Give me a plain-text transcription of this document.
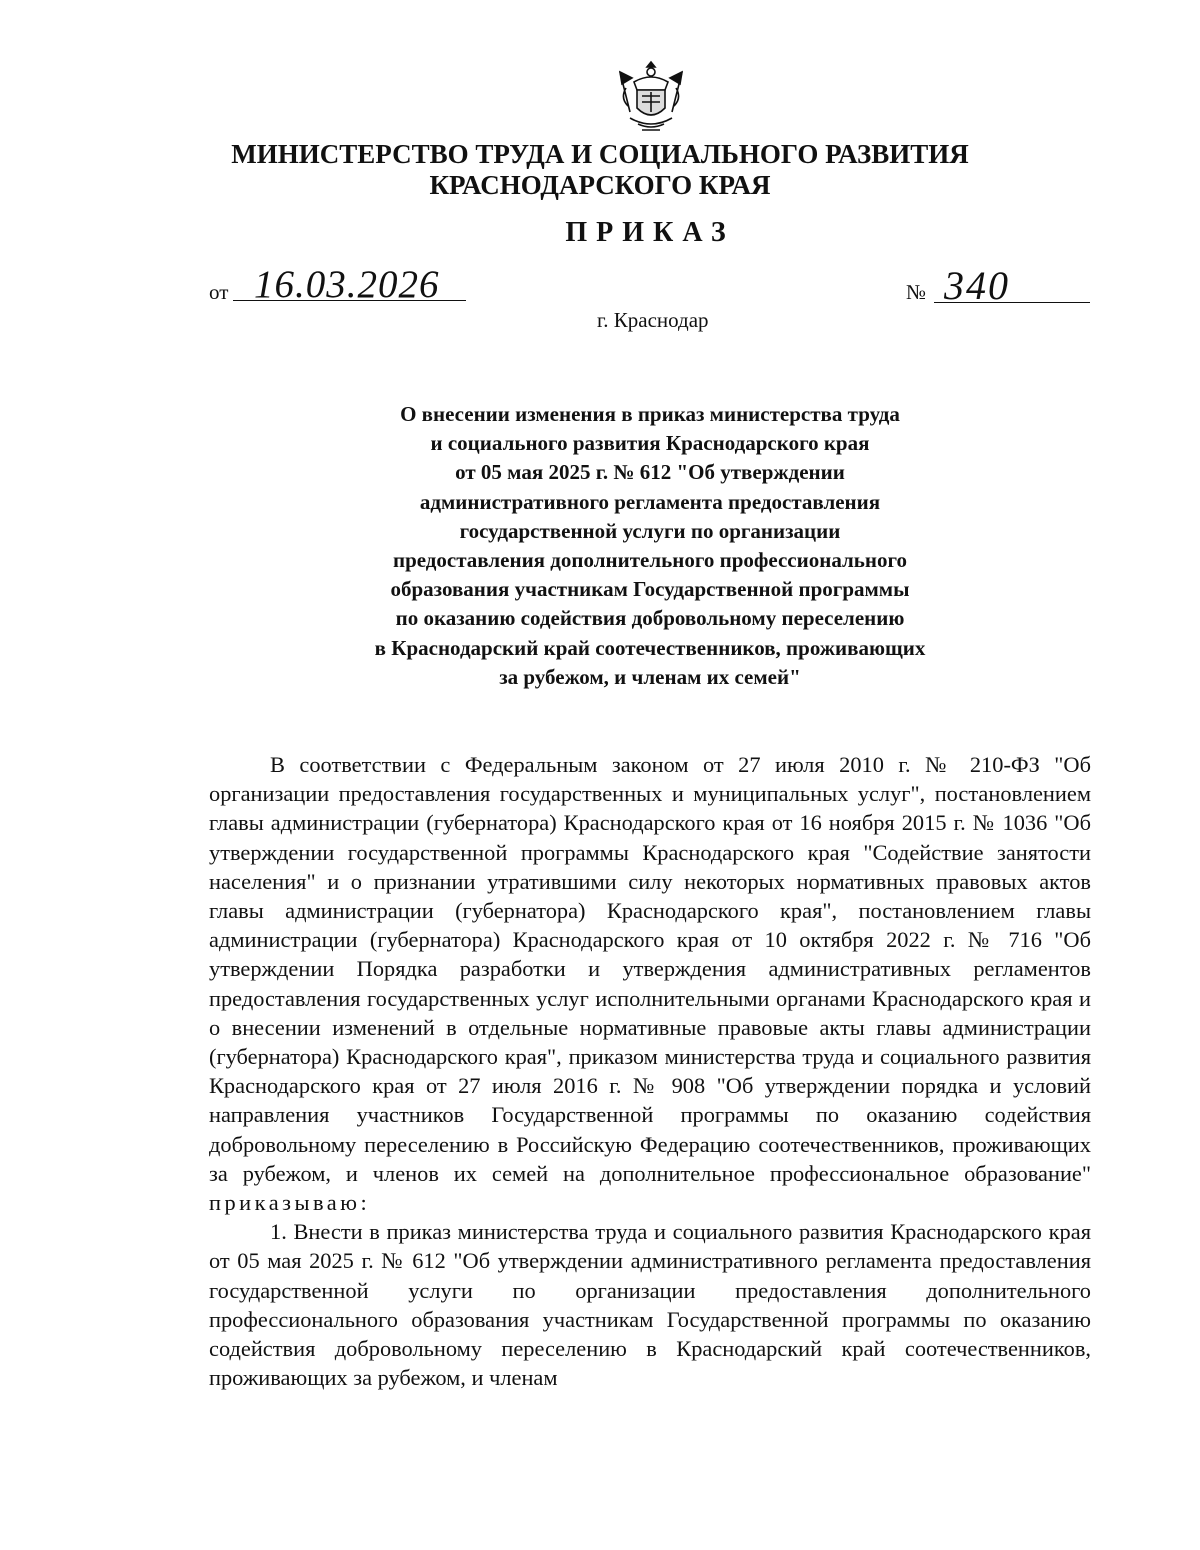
МИНИСТЕРСТВО ТРУДА И СОЦИАЛЬНОГО РАЗВИТИЯ
КРАСНОДАРСКОГО КРАЯ
ПРИКАЗ
от 16.03.2026	№ 340
г. Краснодар
О внесении изменения в приказ министерства труда
и социального развития Краснодарского края
от 05 мая 2025 г. № 612 "Об утверждении
административного регламента предоставления
государственной услуги по организации
предоставления дополнительного профессионального
образования участникам Государственной программы
по оказанию содействия добровольному переселению
в Краснодарский край соотечественников, проживающих
за рубежом, и членам их семей"

В соответствии с Федеральным законом от 27 июля 2010 г. № 210-ФЗ "Об организации предоставления государственных и муниципальных услуг", постановлением главы администрации (губернатора) Краснодарского края от 16 ноября 2015 г. № 1036 "Об утверждении государственной программы Краснодарского края "Содействие занятости населения" и о признании утратившими силу некоторых нормативных правовых актов главы администрации (губернатора) Краснодарского края", постановлением главы администрации (губернатора) Краснодарского края от 10 октября 2022 г. № 716 "Об утверждении Порядка разработки и утверждения административных регламентов предоставления государственных услуг исполнительными органами Краснодарского края и о внесении изменений в отдельные нормативные правовые акты главы администрации (губернатора) Краснодарского края", приказом министерства труда и социального развития Краснодарского края от 27 июля 2016 г. № 908 "Об утверждении порядка и условий направления участников Государственной программы по оказанию содействия добровольному переселению в Российскую Федерацию соотечественников, проживающих за рубежом, и членов их семей на дополнительное профессиональное образование" приказываю:

1. Внести в приказ министерства труда и социального развития Краснодарского края от 05 мая 2025 г. № 612 "Об утверждении административного регламента предоставления государственной услуги по организации предоставления дополнительного профессионального образования участникам Государственной программы по оказанию содействия добровольному переселению в Краснодарский край соотечественников, проживающих за рубежом, и членам
